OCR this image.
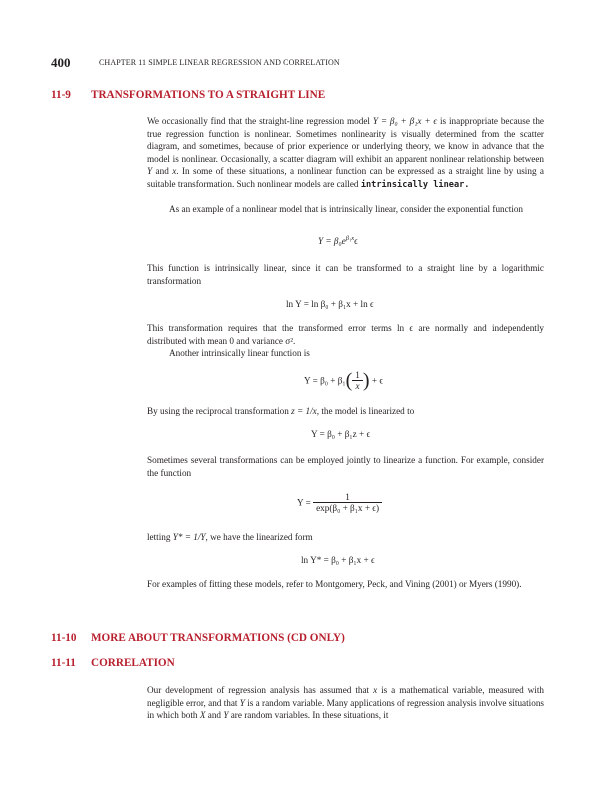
400	CHAPTER 11 SIMPLE LINEAR REGRESSION AND CORRELATION
11-9 TRANSFORMATIONS TO A STRAIGHT LINE

We occasionally find that the straight-line regression model Y = β₀ + β₁x + ϵ is inappropriate because the true regression function is nonlinear. Sometimes nonlinearity is visually determined from the scatter diagram, and sometimes, because of prior experience or underlying theory, we know in advance that the model is nonlinear. Occasionally, a scatter diagram will exhibit an apparent nonlinear relationship between Y and x. In some of these situations, a nonlinear function can be expressed as a straight line by using a suitable transformation. Such nonlinear models are called intrinsically linear.

As an example of a nonlinear model that is intrinsically linear, consider the exponential function

$Y = \beta_0e^{\beta_1x}\epsilon$

This function is intrinsically linear, since it can be transformed to a straight line by a logarithmic transformation

ln Y = ln β₀ + β₁x + ln ϵ

This transformation requires that the transformed error terms ln ϵ are normally and independently distributed with mean 0 and variance σ².

Another intrinsically linear function is

$Y = \beta_0 + \beta_1( \frac{1}{x}$ ) + ϵ

By using the reciprocal transformation z = 1/x, the model is linearized to

Y = β₀ + β₁z + ϵ

Sometimes several transformations can be employed jointly to linearize a function. For example, consider the function

$Y = \frac{1}{\text{exp(β₀ + β₁x + ϵ)}}$

letting Y* = 1/Y, we have the linearized form

ln Y* = β₀ + β₁x + ϵ

For examples of fitting these models, refer to Montgomery, Peck, and Vining (2001) or Myers (1990).

11-10 MORE ABOUT TRANSFORMATIONS (CD ONLY)
11-11 CORRELATION

Our development of regression analysis has assumed that x is a mathematical variable, measured with negligible error, and that Y is a random variable. Many applications of regression analysis involve situations in which both X and Y are random variables. In these situations, it
